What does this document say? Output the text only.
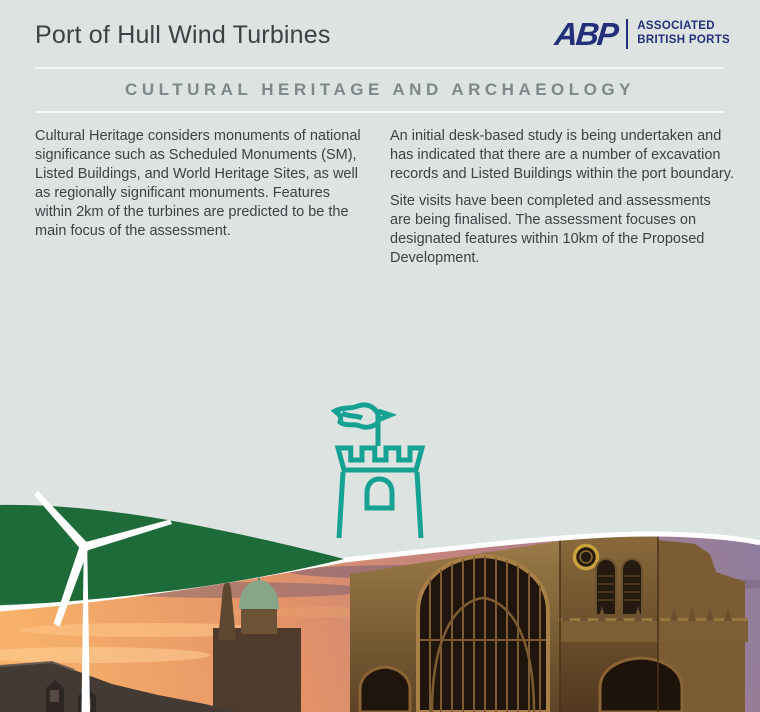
Port of Hull Wind Turbines	ABP ASSOCIATED
BRITISH PORTS
CULTURAL HERITAGE AND ARCHAEOLOGY

Cultural Heritage considers monuments of national significance such as Scheduled Monuments (SM), Listed Buildings, and World Heritage Sites, as well as regionally significant monuments. Features within 2km of the turbines are predicted to be the main focus of the assessment.

An initial desk-based study is being undertaken and has indicated that there are a number of excavation records and Listed Buildings within the port boundary.

Site visits have been completed and assessments are being finalised. The assessment focuses on designated features within 10km of the Proposed Development.
